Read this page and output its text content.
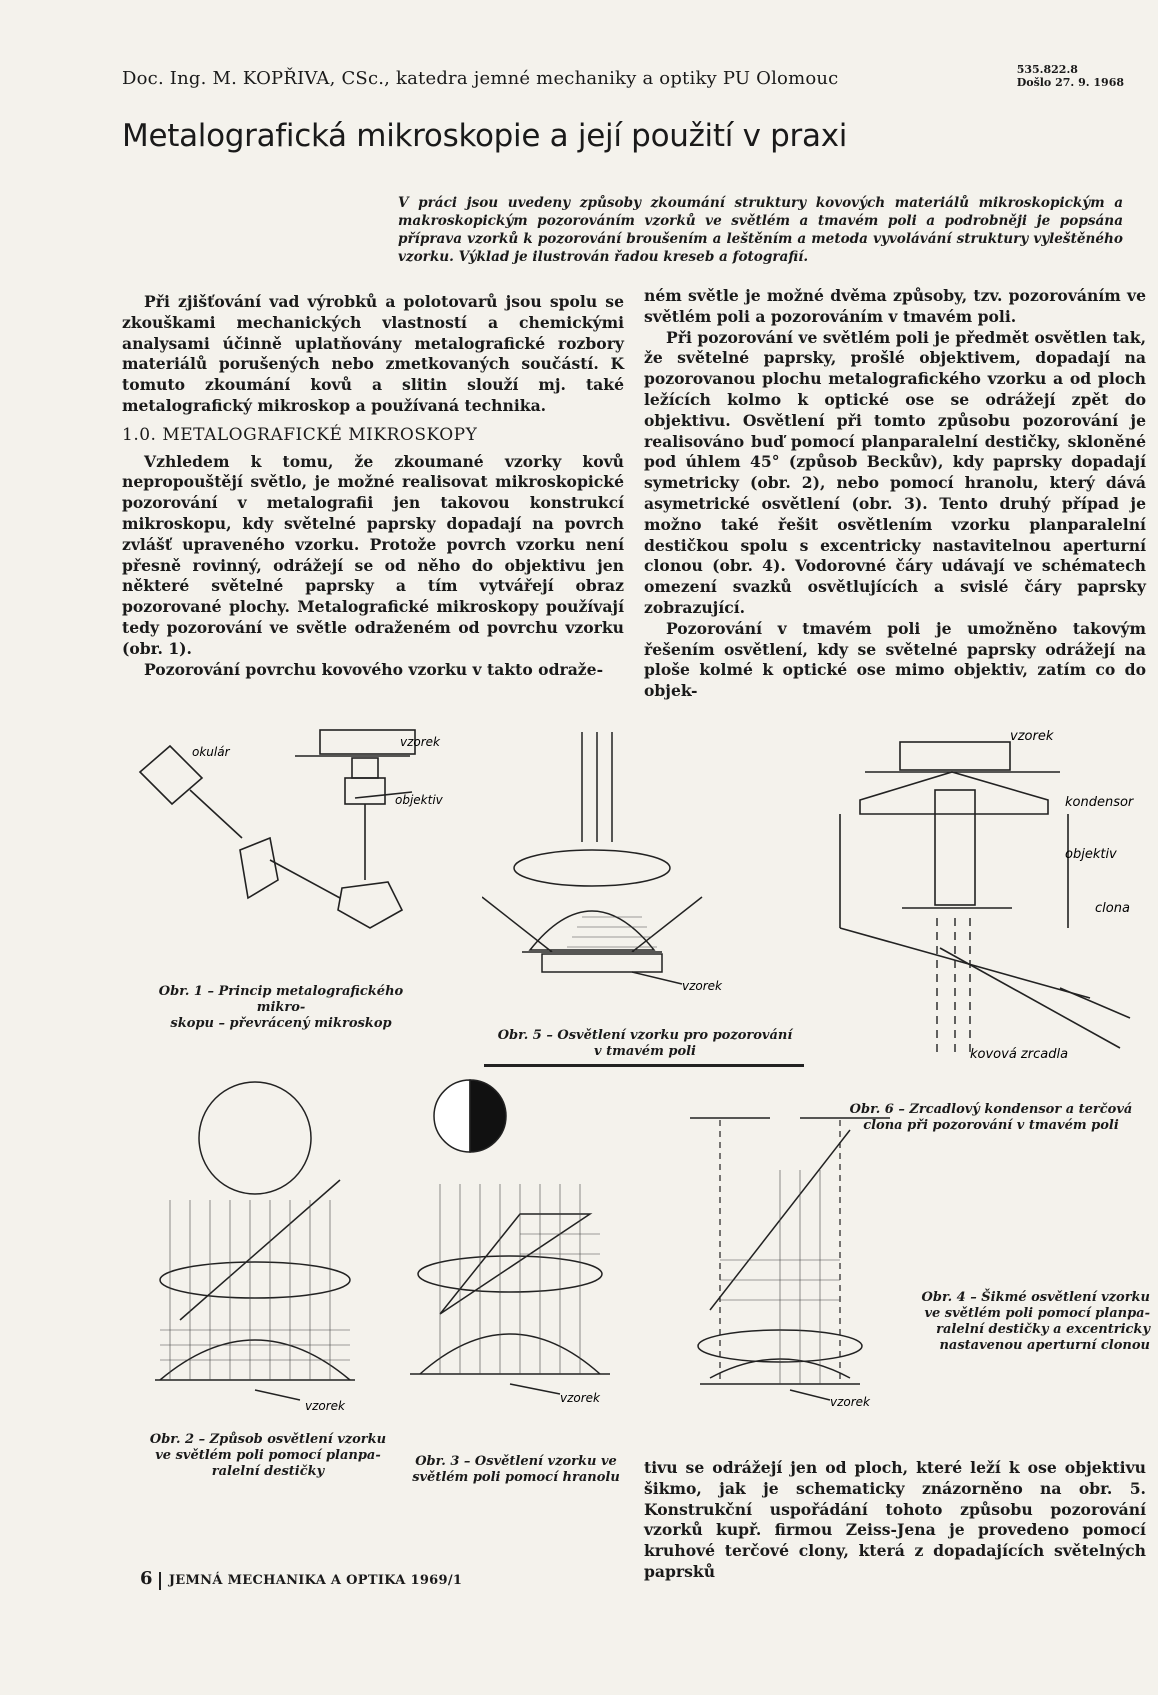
Doc. Ing. M. KOPŘIVA, CSc., katedra jemné mechaniky a optiky PU Olomouc	535.822.8
Došlo 27. 9. 1968
Metalografická mikroskopie a její použití v praxi
V práci jsou uvedeny způsoby zkoumání struktury kovových materiálů mikroskopickým a makroskopickým pozorováním vzorků ve světlém a tmavém poli a podrobněji je popsána příprava vzorků k pozorování broušením a leštěním a metoda vyvolávání struktury vyleštěného vzorku. Výklad je ilustrován řadou kreseb a fotografií.

Při zjišťování vad výrobků a polotovarů jsou spolu se zkouškami mechanických vlastností a chemickými analysami účinně uplatňovány metalografické rozbory materiálů porušených nebo zmetkovaných součástí. K tomuto zkoumání kovů a slitin slouží mj. také metalografický mikroskop a používaná technika.

1.0. METALOGRAFICKÉ MIKROSKOPY

Vzhledem k tomu, že zkoumané vzorky kovů nepropouštějí světlo, je možné realisovat mikroskopické pozorování v metalografii jen takovou konstrukcí mikroskopu, kdy světelné paprsky dopadají na povrch zvlášť upraveného vzorku. Protože povrch vzorku není přesně rovinný, odrážejí se od něho do objektivu jen některé světelné paprsky a tím vytvářejí obraz pozorované plochy. Metalografické mikroskopy používají tedy pozorování ve světle odraženém od povrchu vzorku (obr. 1).

Pozorování povrchu kovového vzorku v takto odraže-

ném světle je možné dvěma způsoby, tzv. pozorováním ve světlém poli a pozorováním v tmavém poli.

Při pozorování ve světlém poli je předmět osvětlen tak, že světelné paprsky, prošlé objektivem, dopadají na pozorovanou plochu metalografického vzorku a od ploch ležících kolmo k optické ose se odrážejí zpět do objektivu. Osvětlení při tomto způsobu pozorování je realisováno buď pomocí planparalelní destičky, skloněné pod úhlem 45° (způsob Beckův), kdy paprsky dopadají symetricky (obr. 2), nebo pomocí hranolu, který dává asymetrické osvětlení (obr. 3). Tento druhý případ je možno také řešit osvětlením vzorku planparalelní destičkou spolu s excentricky nastavitelnou aperturní clonou (obr. 4). Vodorovné čáry udávají ve schématech omezení svazků osvětlujících a svislé čáry paprsky zobrazující.

Pozorování v tmavém poli je umožněno takovým řešením osvětlení, kdy se světelné paprsky odrážejí na ploše kolmé k optické ose mimo objektiv, zatím co do objek-

vzorek
okulár
objektiv
Obr. 1 – Princip metalografického mikro-
skopu – převrácený mikroskop
vzorek
Obr. 5 – Osvětlení vzorku pro pozorování
v tmavém poli
vzorek
kondensor
objektiv
clona
kovová zrcadla
Obr. 6 – Zrcadlový kondensor a terčová
clona při pozorování v tmavém poli
vzorek
Obr. 2 – Způsob osvětlení vzorku
ve světlém poli pomocí planpa-
ralelní destičky
vzorek
Obr. 3 – Osvětlení vzorku ve
světlém poli pomocí hranolu
vzorek
Obr. 4 – Šikmé osvětlení vzorku
ve světlém poli pomocí planpa-
ralelní destičky a excentricky
nastavenou aperturní clonou

tivu se odrážejí jen od ploch, které leží k ose objektivu šikmo, jak je schematicky znázorněno na obr. 5. Konstrukční uspořádání tohoto způsobu pozorování vzorků kupř. firmou Zeiss-Jena je provedeno pomocí kruhové terčové clony, která z dopadajících světelných paprsků

6 JEMNÁ MECHANIKA A OPTIKA 1969/1
